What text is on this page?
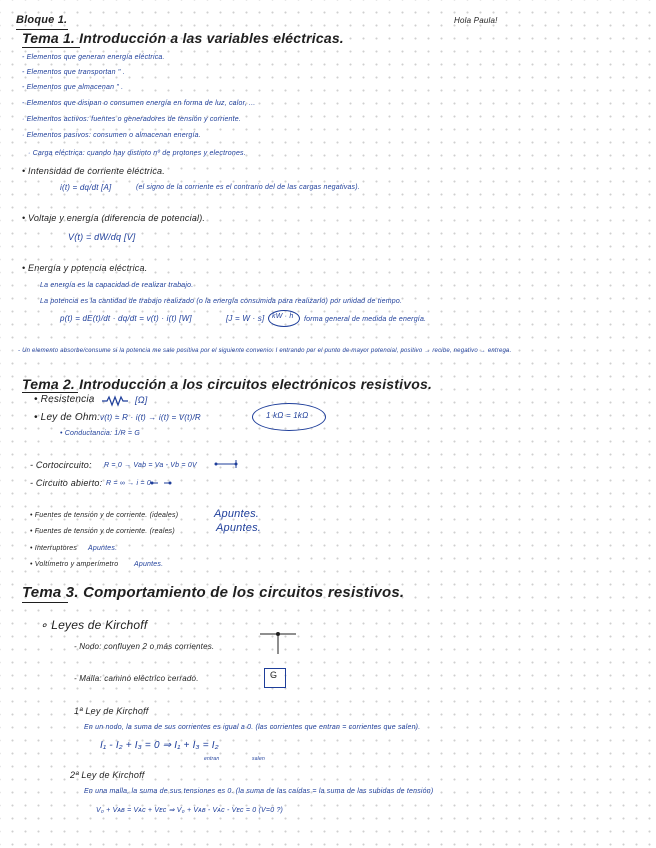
Bloque 1.	Hola Paula!
Tema 1. Introducción a las variables eléctricas.
- Elementos que generan energía eléctrica.
- Elementos que transportan " .
- Elementos que almacenan " .
- Elementos que disipan o consumen energía en forma de luz, calor, ...
· Elementos activos: fuentes o generadores de tensión y corriente.
· Elementos pasivos: consumen o almacenan energía.
· Carga eléctrica: cuando hay distinto nº de protones y electrones.
• Intensidad de corriente eléctrica.
i(t) = dq/dt [A]	(el signo de la corriente es el contrario del de las cargas negativas).
• Voltaje y energía (diferencia de potencial).
V(t) = dW/dq [V]
• Energía y potencia eléctrica.
La energía es la capacidad de realizar trabajo.
La potencia es la cantidad de trabajo realizado (o la energía consumida para realizarlo) por unidad de tiempo.
p(t) = dE(t)/dt · dq/dt = v(t) · i(t) [W]	[J = W · s] kW · h forma general de medida de energía.
- Un elemento absorbe/consume si la potencia me sale positiva por el siguiente convenio: I entrando por el punto de mayor potencial, positivo → recibe, negativo → entrega.
Tema 2. Introducción a los circuitos electrónicos resistivos.
• Resistencia	[Ω]
• Ley de Ohm: v(t) = R · i(t) → i(t) = V(t)/R	1 kΩ = 1kΩ
• Conductancia: 1/R = G
- Cortocircuito: R = 0 → Vab = Va - Vb = 0V
- Circuito abierto: R = ∞ → i = 0
• Fuentes de tensión y de corriente. (ideales)	Apuntes.
• Fuentes de tensión y de corriente. (reales)	Apuntes.
• Interruptores Apuntes.
• Voltímetro y amperímetro Apuntes.
Tema 3. Comportamiento de los circuitos resistivos.
∘ Leyes de Kirchoff
- Nodo: confluyen 2 o más corrientes.
- Malla: camino eléctrico cerrado.	G
1ª Ley de Kirchoff
En un nodo, la suma de sus corrientes es igual a 0. (las corrientes que entran = corrientes que salen).
I₁ - I₂ + I₃ = 0 ⇒ I₁ + I₃ = I₂
entran	salen
2ª Ley de Kirchoff
En una malla, la suma de sus tensiones es 0. (la suma de las caídas = la suma de las subidas de tensión)
V₀ + Vᴀʙ = Vᴀᴄ + Vᴇᴄ ⇒ V₀ + Vᴀʙ - Vᴀᴄ - Vᴇᴄ = 0 (V=0 ?)
